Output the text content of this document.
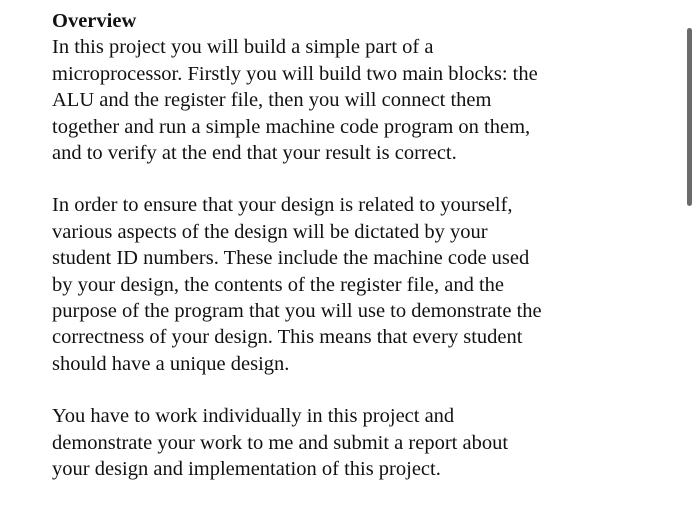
Overview
In this project you will build a simple part of a
microprocessor. Firstly you will build two main blocks: the
ALU and the register file, then you will connect them
together and run a simple machine code program on them,
and to verify at the end that your result is correct.
In order to ensure that your design is related to yourself,
various aspects of the design will be dictated by your
student ID numbers. These include the machine code used
by your design, the contents of the register file, and the
purpose of the program that you will use to demonstrate the
correctness of your design. This means that every student
should have a unique design.
You have to work individually in this project and
demonstrate your work to me and submit a report about
your design and implementation of this project.
